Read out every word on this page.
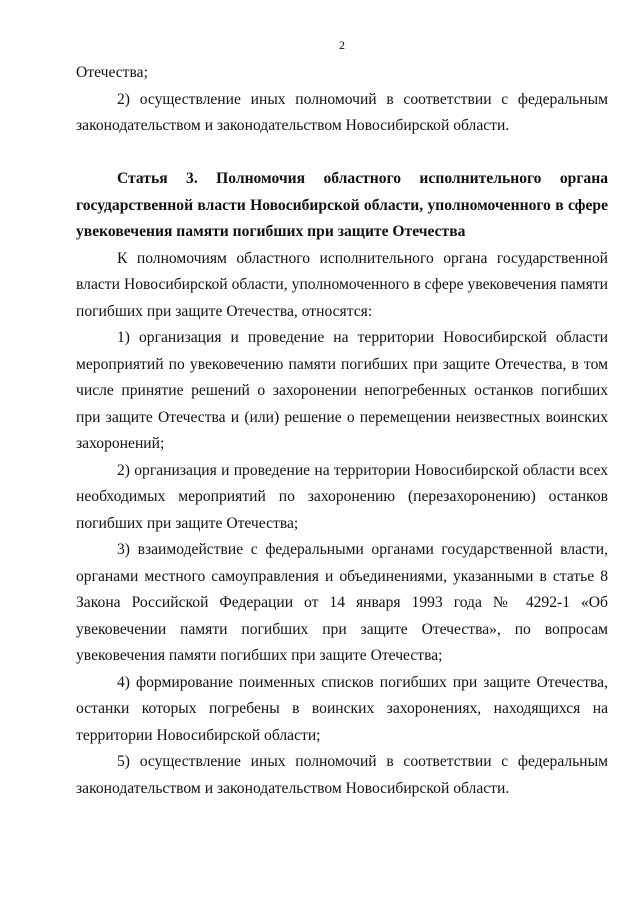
2

Отечества;

2) осуществление иных полномочий в соответствии с федеральным законодательством и законодательством Новосибирской области.

Статья 3. Полномочия областного исполнительного органа государственной власти Новосибирской области, уполномоченного в сфере увековечения памяти погибших при защите Отечества

К полномочиям областного исполнительного органа государственной власти Новосибирской области, уполномоченного в сфере увековечения памяти погибших при защите Отечества, относятся:

1) организация и проведение на территории Новосибирской области мероприятий по увековечению памяти погибших при защите Отечества, в том числе принятие решений о захоронении непогребенных останков погибших при защите Отечества и (или) решение о перемещении неизвестных воинских захоронений;

2) организация и проведение на территории Новосибирской области всех необходимых мероприятий по захоронению (перезахоронению) останков погибших при защите Отечества;

3) взаимодействие с федеральными органами государственной власти, органами местного самоуправления и объединениями, указанными в статье 8 Закона Российской Федерации от 14 января 1993 года № 4292-1 «Об увековечении памяти погибших при защите Отечества», по вопросам увековечения памяти погибших при защите Отечества;

4) формирование поименных списков погибших при защите Отечества, останки которых погребены в воинских захоронениях, находящихся на территории Новосибирской области;

5) осуществление иных полномочий в соответствии с федеральным законодательством и законодательством Новосибирской области.
